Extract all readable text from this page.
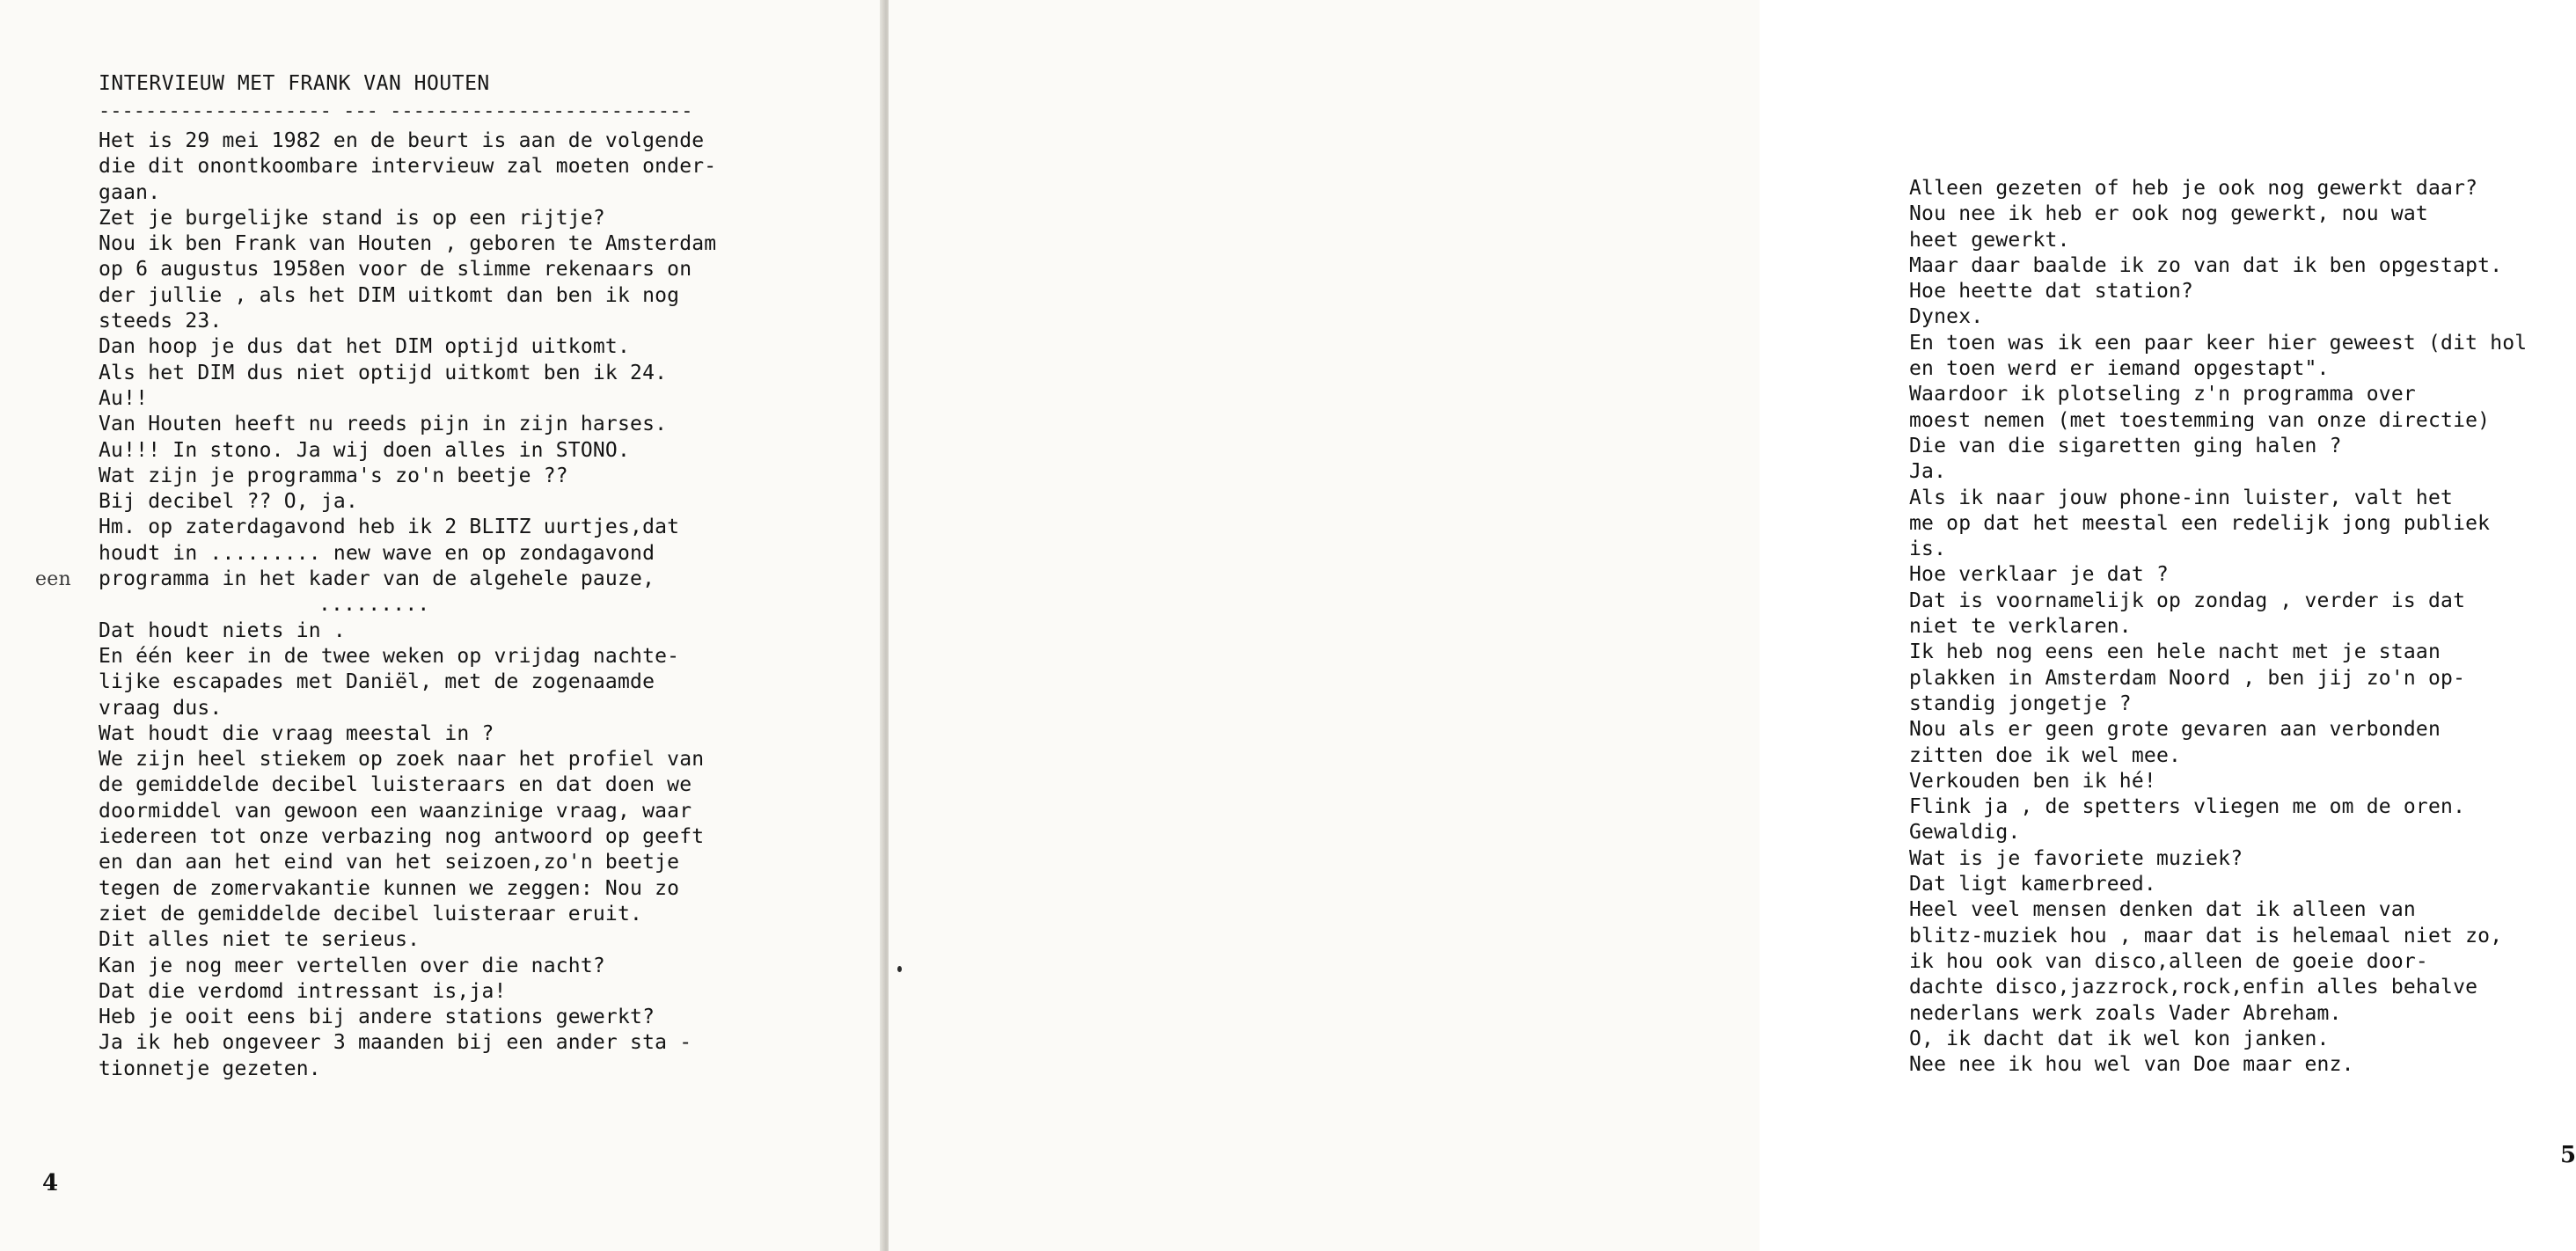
INTERVIEUW MET FRANK VAN HOUTEN
-------------------- --- --------------------------
Het is 29 mei 1982 en de beurt is aan de volgende
die dit onontkoombare intervieuw zal moeten onder-
gaan.
Zet je burgelijke stand is op een rijtje?
Nou ik ben Frank van Houten , geboren te Amsterdam
op 6 augustus 1958en voor de slimme rekenaars on
der jullie , als het DIM uitkomt dan ben ik nog
steeds 23.
Dan hoop je dus dat het DIM optijd uitkomt.
Als het DIM dus niet optijd uitkomt ben ik 24.
Au!!
Van Houten heeft nu reeds pijn in zijn harses.
Au!!! In stono. Ja wij doen alles in STONO.
Wat zijn je programma's zo'n beetje ??
Bij decibel ?? O, ja.
Hm. op zaterdagavond heb ik 2 BLITZ uurtjes,dat
houdt in ......... new wave en op zondagavond
een programma in het kader van de algehele pauze,
.........
Dat houdt niets in .
En één keer in de twee weken op vrijdag nachte-
lijke escapades met Daniël, met de zogenaamde
vraag dus.
Wat houdt die vraag meestal in ?
We zijn heel stiekem op zoek naar het profiel van
de gemiddelde decibel luisteraars en dat doen we
doormiddel van gewoon een waanzinige vraag, waar
iedereen tot onze verbazing nog antwoord op geeft
en dan aan het eind van het seizoen,zo'n beetje
tegen de zomervakantie kunnen we zeggen: Nou zo
ziet de gemiddelde decibel luisteraar eruit.
Dit alles niet te serieus.
Kan je nog meer vertellen over die nacht?
Dat die verdomd intressant is,ja!
Heb je ooit eens bij andere stations gewerkt?
Ja ik heb ongeveer 3 maanden bij een ander sta -
tionnetje gezeten.
4
Alleen gezeten of heb je ook nog gewerkt daar?
Nou nee ik heb er ook nog gewerkt, nou wat
heet gewerkt.
Maar daar baalde ik zo van dat ik ben opgestapt.
Hoe heette dat station?
Dynex.
En toen was ik een paar keer hier geweest (dit hol
en toen werd er iemand opgestapt".
Waardoor ik plotseling z'n programma over
moest nemen (met toestemming van onze directie)
Die van die sigaretten ging halen ?
Ja.
Als ik naar jouw phone-inn luister, valt het
me op dat het meestal een redelijk jong publiek
is.
Hoe verklaar je dat ?
Dat is voornamelijk op zondag , verder is dat
niet te verklaren.
Ik heb nog eens een hele nacht met je staan
plakken in Amsterdam Noord , ben jij zo'n op-
standig jongetje ?
Nou als er geen grote gevaren aan verbonden
zitten doe ik wel mee.
Verkouden ben ik hé!
Flink ja , de spetters vliegen me om de oren.
Gewaldig.
Wat is je favoriete muziek?
Dat ligt kamerbreed.
Heel veel mensen denken dat ik alleen van
blitz-muziek hou , maar dat is helemaal niet zo,
ik hou ook van disco,alleen de goeie door-
dachte disco,jazzrock,rock,enfin alles behalve
nederlans werk zoals Vader Abreham.
O, ik dacht dat ik wel kon janken.
Nee nee ik hou wel van Doe maar enz.
5
